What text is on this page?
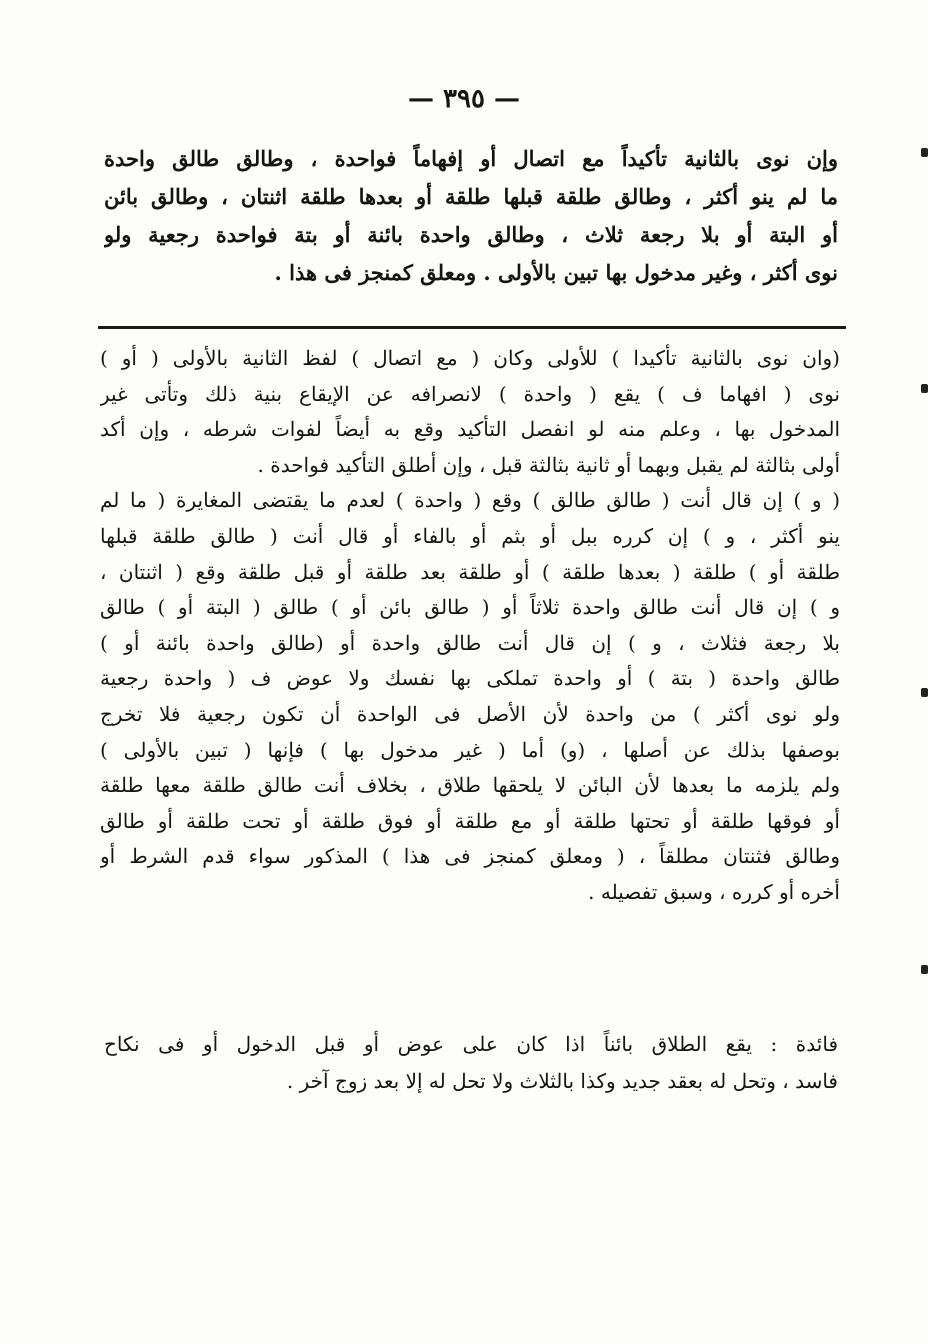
— ٣٩٥ —
وإن نوى بالثانية تأكيداً مع اتصال أو إفهاماً فواحدة ، وطالق طالق واحدة
ما لم ينو أكثر ، وطالق طلقة قبلها طلقة أو بعدها طلقة اثنتان ، وطالق بائن
أو البتة أو بلا رجعة ثلاث ، وطالق واحدة بائنة أو بتة فواحدة رجعية ولو
نوى أكثر ، وغير مدخول بها تبين بالأولى . ومعلق كمنجز فى هذا .
(وان نوى بالثانية تأكيدا ) للأولى وكان ( مع اتصال ) لفظ الثانية بالأولى ( أو )
نوى ( افهاما ف ) يقع ( واحدة ) لانصرافه عن الإيقاع بنية ذلك وتأتى غير
المدخول بها ، وعلم منه لو انفصل التأكيد وقع به أيضاً لفوات شرطه ، وإن أكد
أولى بثالثة لم يقبل وبهما أو ثانية بثالثة قبل ، وإن أطلق التأكيد فواحدة .
( و ) إن قال أنت ( طالق طالق ) وقع ( واحدة ) لعدم ما يقتضى المغايرة ( ما لم
ينو أكثر ، و ) إن كرره ببل أو بثم أو بالفاء أو قال أنت ( طالق طلقة قبلها
طلقة أو ) طلقة ( بعدها طلقة ) أو طلقة بعد طلقة أو قبل طلقة وقع ( اثنتان ،
و ) إن قال أنت طالق واحدة ثلاثاً أو ( طالق بائن أو ) طالق ( البتة أو ) طالق
بلا رجعة فثلاث ، و ) إن قال أنت طالق واحدة أو (طالق واحدة بائنة أو )
طالق واحدة ( بتة ) أو واحدة تملكى بها نفسك ولا عوض ف ( واحدة رجعية
ولو نوى أكثر ) من واحدة لأن الأصل فى الواحدة أن تكون رجعية فلا تخرج
بوصفها بذلك عن أصلها ، (و) أما ( غير مدخول بها ) فإنها ( تبين بالأولى )
ولم يلزمه ما بعدها لأن البائن لا يلحقها طلاق ، بخلاف أنت طالق طلقة معها طلقة
أو فوقها طلقة أو تحتها طلقة أو مع طلقة أو فوق طلقة أو تحت طلقة أو طالق
وطالق فثنتان مطلقاً ، ( ومعلق كمنجز فى هذا ) المذكور سواء قدم الشرط أو
أخره أو كرره ، وسبق تفصيله .
فائدة : يقع الطلاق بائناً اذا كان على عوض أو قبل الدخول أو فى نكاح
فاسد ، وتحل له بعقد جديد وكذا بالثلاث ولا تحل له إلا بعد زوج آخر .
